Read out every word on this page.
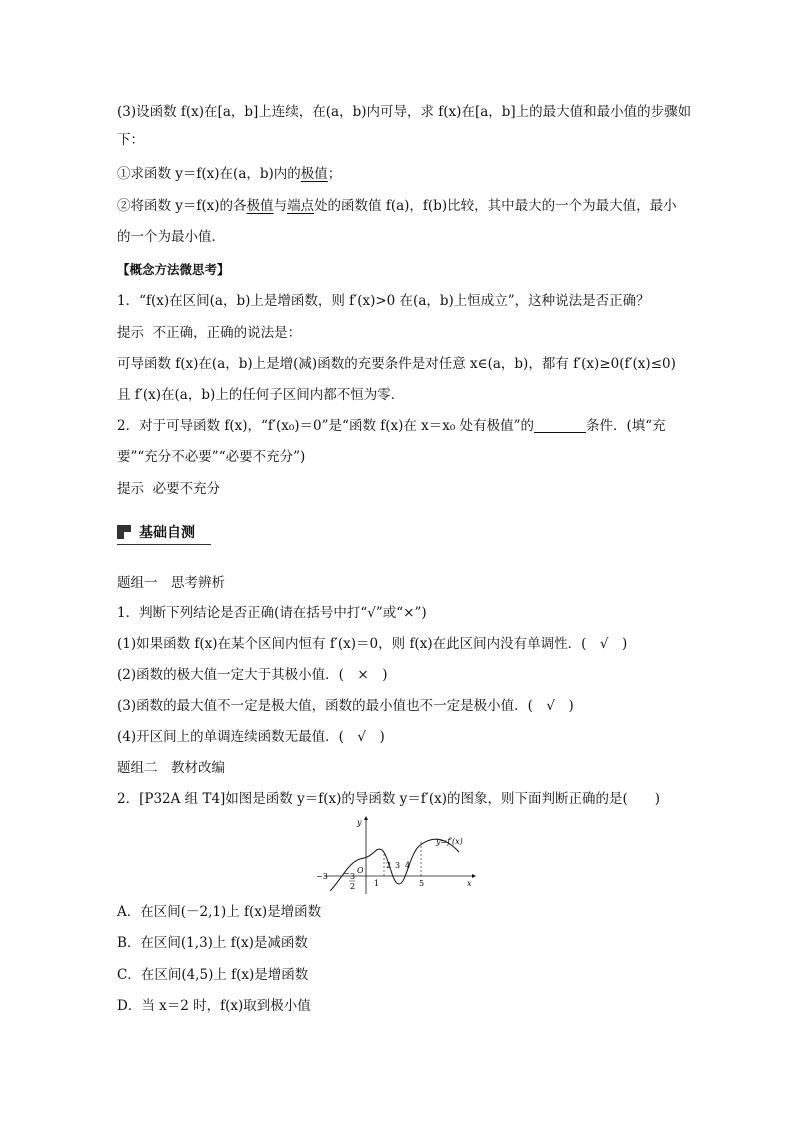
(3)设函数 f(x)在[a，b]上连续，在(a，b)内可导，求 f(x)在[a，b]上的最大值和最小值的步骤如
下：
①求函数 y＝f(x)在(a，b)内的极值；
②将函数 y＝f(x)的各极值与端点处的函数值 f(a)，f(b)比较，其中最大的一个为最大值，最小
的一个为最小值．
【概念方法微思考】
1．“f(x)在区间(a，b)上是增函数，则 f′(x)>0 在(a，b)上恒成立”，这种说法是否正确？
提示 不正确，正确的说法是：
可导函数 f(x)在(a，b)上是增(减)函数的充要条件是对任意 x∈(a，b)，都有 f′(x)≥0(f′(x)≤0)
且 f′(x)在(a，b)上的任何子区间内都不恒为零．
2．对于可导函数 f(x)，“f′(x₀)＝0”是“函数 f(x)在 x＝x₀ 处有极值”的	条件．(填“充
要”“充分不必要”“必要不充分”)
提示 必要不充分
基础自测
题组一　思考辨析
1．判断下列结论是否正确(请在括号中打“√”或“×”)
(1)如果函数 f(x)在某个区间内恒有 f′(x)＝0，则 f(x)在此区间内没有单调性．(　√　)
(2)函数的极大值一定大于其极小值．(　×　)
(3)函数的最大值不一定是极大值，函数的最小值也不一定是极小值．(　√　)
(4)开区间上的单调连续函数无最值．(　√　)
题组二　教材改编
2．[P32A 组 T4]如图是函数 y＝f(x)的导函数 y＝f′(x)的图象，则下面判断正确的是(　　)
y
x
O
y=f′(x)
−3 − 3
2 1
2 3 4
5
A．在区间(－2,1)上 f(x)是增函数
B．在区间(1,3)上 f(x)是减函数
C．在区间(4,5)上 f(x)是增函数
D．当 x＝2 时，f(x)取到极小值
